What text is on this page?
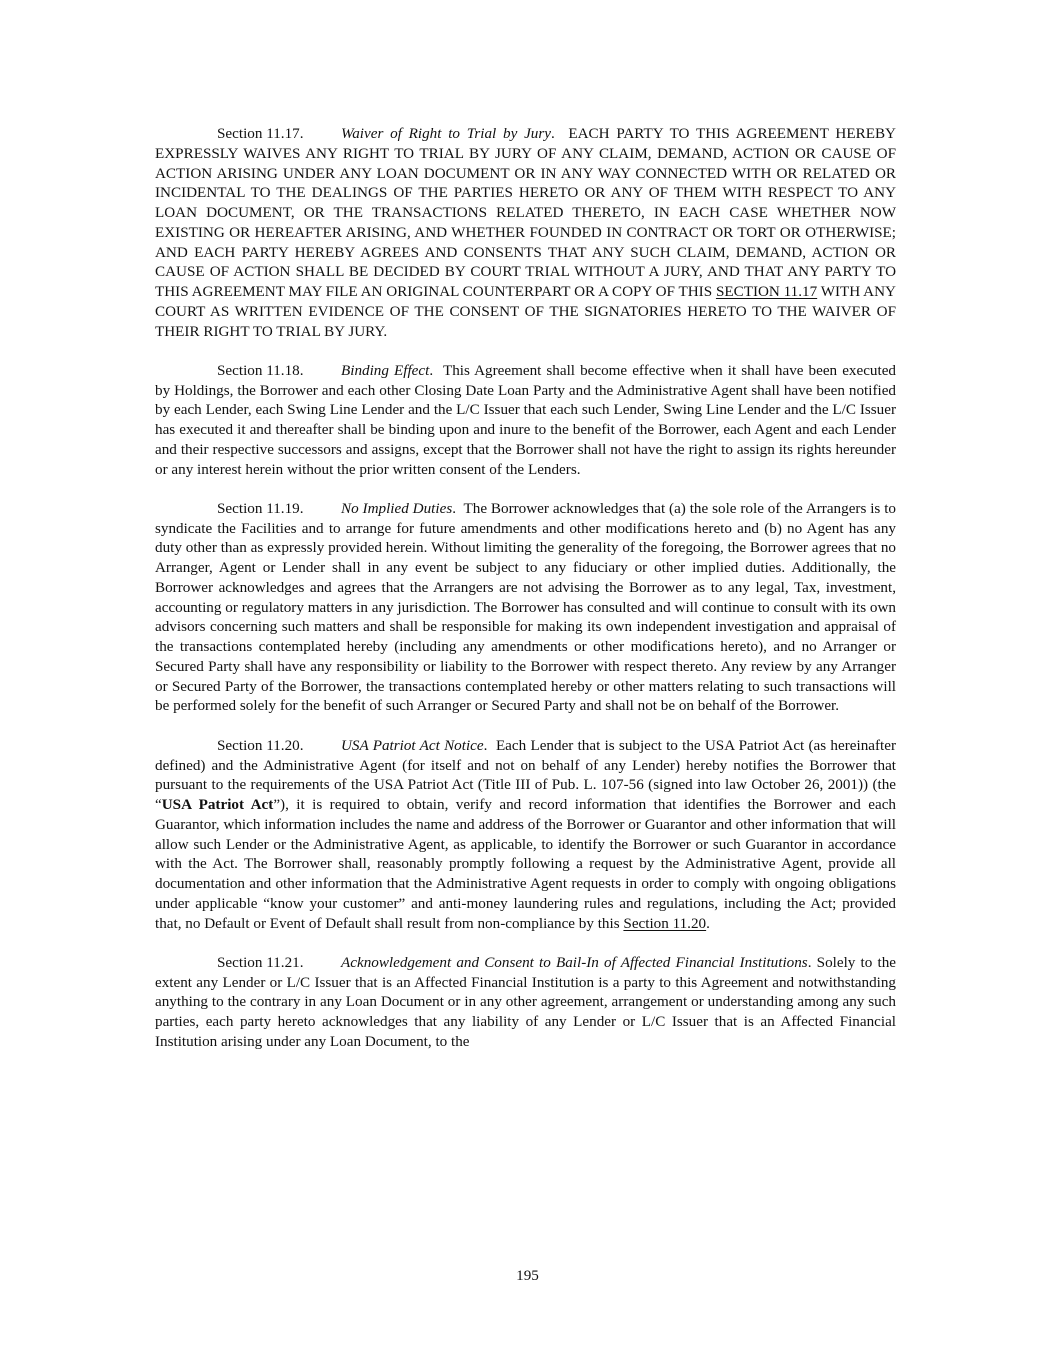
Section 11.17. Waiver of Right to Trial by Jury. EACH PARTY TO THIS AGREEMENT HEREBY EXPRESSLY WAIVES ANY RIGHT TO TRIAL BY JURY OF ANY CLAIM, DEMAND, ACTION OR CAUSE OF ACTION ARISING UNDER ANY LOAN DOCUMENT OR IN ANY WAY CONNECTED WITH OR RELATED OR INCIDENTAL TO THE DEALINGS OF THE PARTIES HERETO OR ANY OF THEM WITH RESPECT TO ANY LOAN DOCUMENT, OR THE TRANSACTIONS RELATED THERETO, IN EACH CASE WHETHER NOW EXISTING OR HEREAFTER ARISING, AND WHETHER FOUNDED IN CONTRACT OR TORT OR OTHERWISE; AND EACH PARTY HEREBY AGREES AND CONSENTS THAT ANY SUCH CLAIM, DEMAND, ACTION OR CAUSE OF ACTION SHALL BE DECIDED BY COURT TRIAL WITHOUT A JURY, AND THAT ANY PARTY TO THIS AGREEMENT MAY FILE AN ORIGINAL COUNTERPART OR A COPY OF THIS SECTION 11.17 WITH ANY COURT AS WRITTEN EVIDENCE OF THE CONSENT OF THE SIGNATORIES HERETO TO THE WAIVER OF THEIR RIGHT TO TRIAL BY JURY.

Section 11.18. Binding Effect. This Agreement shall become effective when it shall have been executed by Holdings, the Borrower and each other Closing Date Loan Party and the Administrative Agent shall have been notified by each Lender, each Swing Line Lender and the L/C Issuer that each such Lender, Swing Line Lender and the L/C Issuer has executed it and thereafter shall be binding upon and inure to the benefit of the Borrower, each Agent and each Lender and their respective successors and assigns, except that the Borrower shall not have the right to assign its rights hereunder or any interest herein without the prior written consent of the Lenders.

Section 11.19. No Implied Duties. The Borrower acknowledges that (a) the sole role of the Arrangers is to syndicate the Facilities and to arrange for future amendments and other modifications hereto and (b) no Agent has any duty other than as expressly provided herein. Without limiting the generality of the foregoing, the Borrower agrees that no Arranger, Agent or Lender shall in any event be subject to any fiduciary or other implied duties. Additionally, the Borrower acknowledges and agrees that the Arrangers are not advising the Borrower as to any legal, Tax, investment, accounting or regulatory matters in any jurisdiction. The Borrower has consulted and will continue to consult with its own advisors concerning such matters and shall be responsible for making its own independent investigation and appraisal of the transactions contemplated hereby (including any amendments or other modifications hereto), and no Arranger or Secured Party shall have any responsibility or liability to the Borrower with respect thereto. Any review by any Arranger or Secured Party of the Borrower, the transactions contemplated hereby or other matters relating to such transactions will be performed solely for the benefit of such Arranger or Secured Party and shall not be on behalf of the Borrower.

Section 11.20. USA Patriot Act Notice. Each Lender that is subject to the USA Patriot Act (as hereinafter defined) and the Administrative Agent (for itself and not on behalf of any Lender) hereby notifies the Borrower that pursuant to the requirements of the USA Patriot Act (Title III of Pub. L. 107-56 (signed into law October 26, 2001)) (the “USA Patriot Act”), it is required to obtain, verify and record information that identifies the Borrower and each Guarantor, which information includes the name and address of the Borrower or Guarantor and other information that will allow such Lender or the Administrative Agent, as applicable, to identify the Borrower or such Guarantor in accordance with the Act. The Borrower shall, reasonably promptly following a request by the Administrative Agent, provide all documentation and other information that the Administrative Agent requests in order to comply with ongoing obligations under applicable “know your customer” and anti-money laundering rules and regulations, including the Act; provided that, no Default or Event of Default shall result from non-compliance by this Section 11.20.

Section 11.21. Acknowledgement and Consent to Bail-In of Affected Financial Institutions. Solely to the extent any Lender or L/C Issuer that is an Affected Financial Institution is a party to this Agreement and notwithstanding anything to the contrary in any Loan Document or in any other agreement, arrangement or understanding among any such parties, each party hereto acknowledges that any liability of any Lender or L/C Issuer that is an Affected Financial Institution arising under any Loan Document, to the

195
